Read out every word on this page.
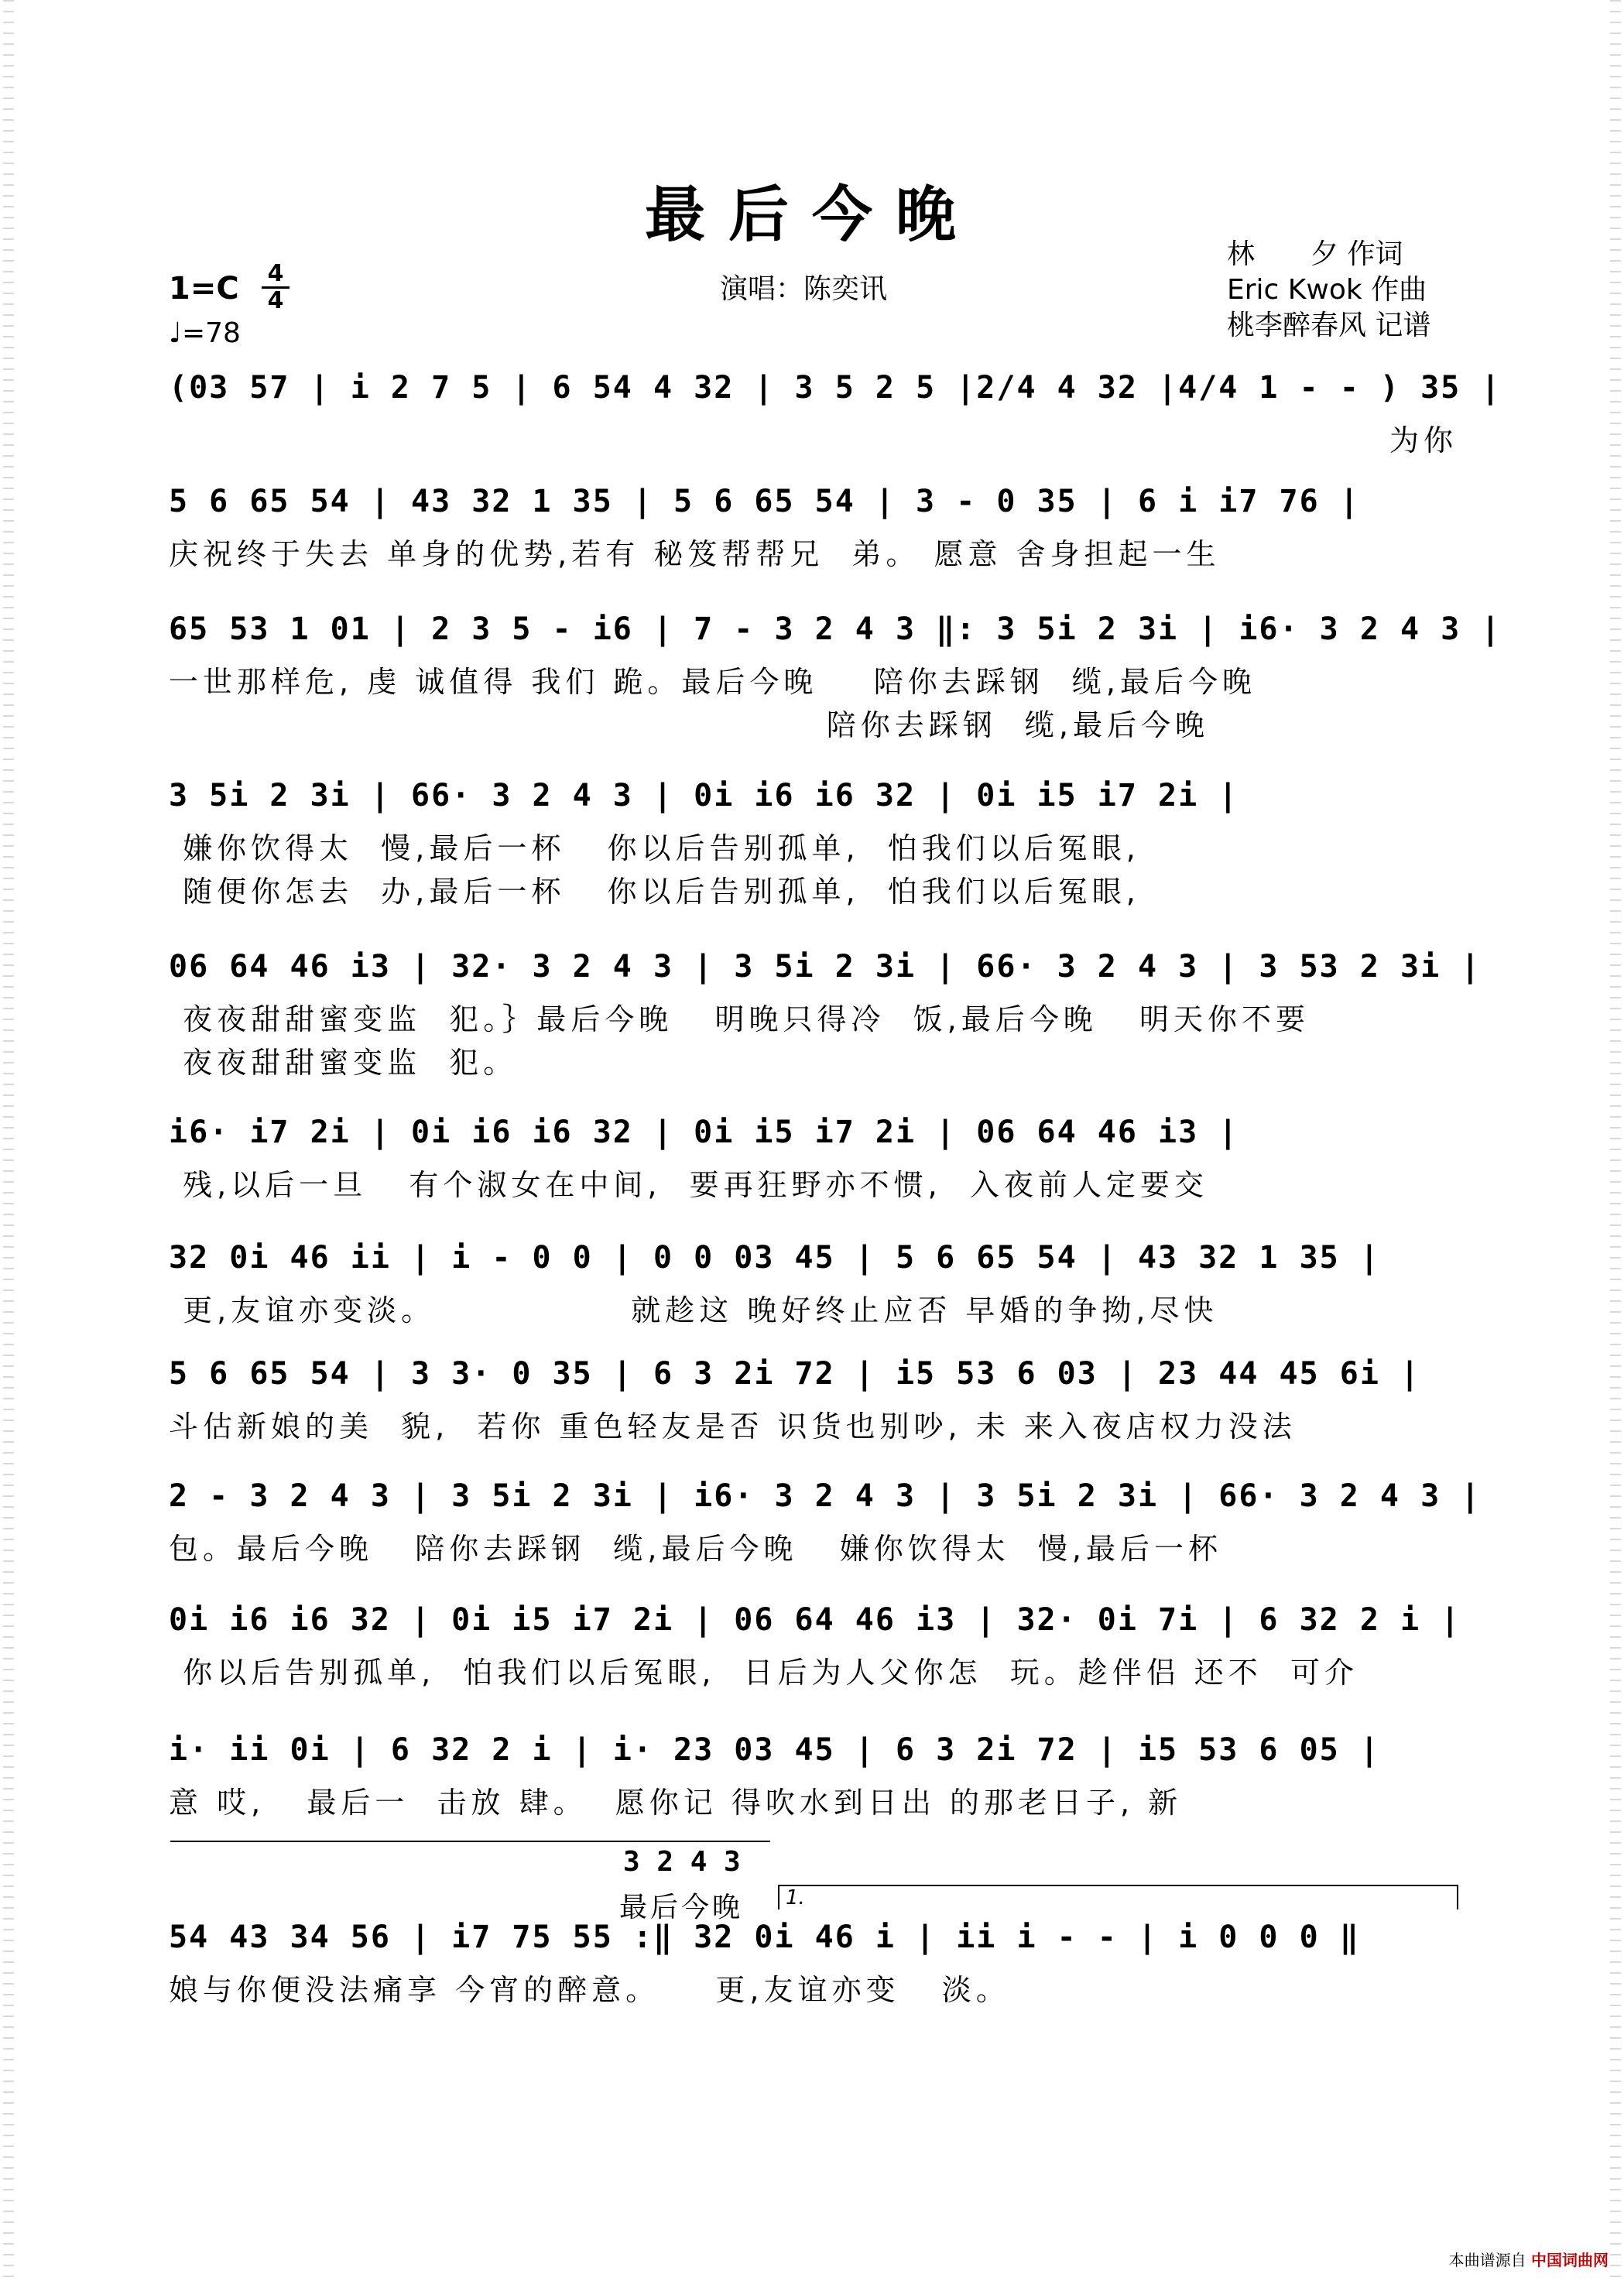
最后今晚
演唱：陈奕讯
1=C 4
4
♩=78
林　　夕 作词
Eric Kwok 作曲
桃李醉春风 记谱
(03 57 | i 2 7 5 | 6 54 4 32 | 3 5 2 5 |2/4 4 32 |4/4 1 - - ) 35 |
为你
5 6 65 54 | 43 32 1 35 | 5 6 65 54 | 3 - 0 35 | 6 i i7 76 |
庆祝终于失去 单身的优势,若有 秘笈帮帮兄  弟。 愿意 舍身担起一生
65 53 1 01 | 2 3 5 - i6 | 7 - 3 2 4 3 ‖: 3 5i 2 3i | i6· 3 2 4 3 |
一世那样危, 虔 诚值得 我们 跪。最后今晚    陪你去踩钢  缆,最后今晚
陪你去踩钢  缆,最后今晚
3 5i 2 3i | 66· 3 2 4 3 | 0i i6 i6 32 | 0i i5 i7 2i |
嫌你饮得太  慢,最后一杯   你以后告别孤单,  怕我们以后冤眼,
随便你怎去  办,最后一杯   你以后告别孤单,  怕我们以后冤眼,
06 64 46 i3 | 32· 3 2 4 3 | 3 5i 2 3i | 66· 3 2 4 3 | 3 53 2 3i |
夜夜甜甜蜜变监  犯。｝最后今晚   明晚只得冷  饭,最后今晚   明天你不要
夜夜甜甜蜜变监  犯。
i6· i7 2i | 0i i6 i6 32 | 0i i5 i7 2i | 06 64 46 i3 |
残,以后一旦   有个淑女在中间,  要再狂野亦不惯,  入夜前人定要交
32 0i 46 ii | i - 0 0 | 0 0 03 45 | 5 6 65 54 | 43 32 1 35 |
更,友谊亦变淡。              就趁这 晚好终止应否 早婚的争拗,尽快
5 6 65 54 | 3 3· 0 35 | 6 3 2i 72 | i5 53 6 03 | 23 44 45 6i |
斗估新娘的美  貌,  若你 重色轻友是否 识货也别吵, 未 来入夜店权力没法
2 - 3 2 4 3 | 3 5i 2 3i | i6· 3 2 4 3 | 3 5i 2 3i | 66· 3 2 4 3 |
包。最后今晚   陪你去踩钢  缆,最后今晚   嫌你饮得太  慢,最后一杯
0i i6 i6 32 | 0i i5 i7 2i | 06 64 46 i3 | 32· 0i 7i | 6 32 2 i |
你以后告别孤单,  怕我们以后冤眼,  日后为人父你怎  玩。趁伴侣 还不  可介
i· ii 0i | 6 32 2 i | i· 23 03 45 | 6 3 2i 72 | i5 53 6 05 |
意 哎,   最后一  击放 肆。  愿你记 得吹水到日出 的那老日子, 新
3 2 4 3
最后今晚 1.
54 43 34 56 | i7 75 55 :‖ 32 0i 46 i | ii i - - | i 0 0 0 ‖
娘与你便没法痛享 今宵的醉意。    更,友谊亦变   淡。
本曲谱源自 中国词曲网
